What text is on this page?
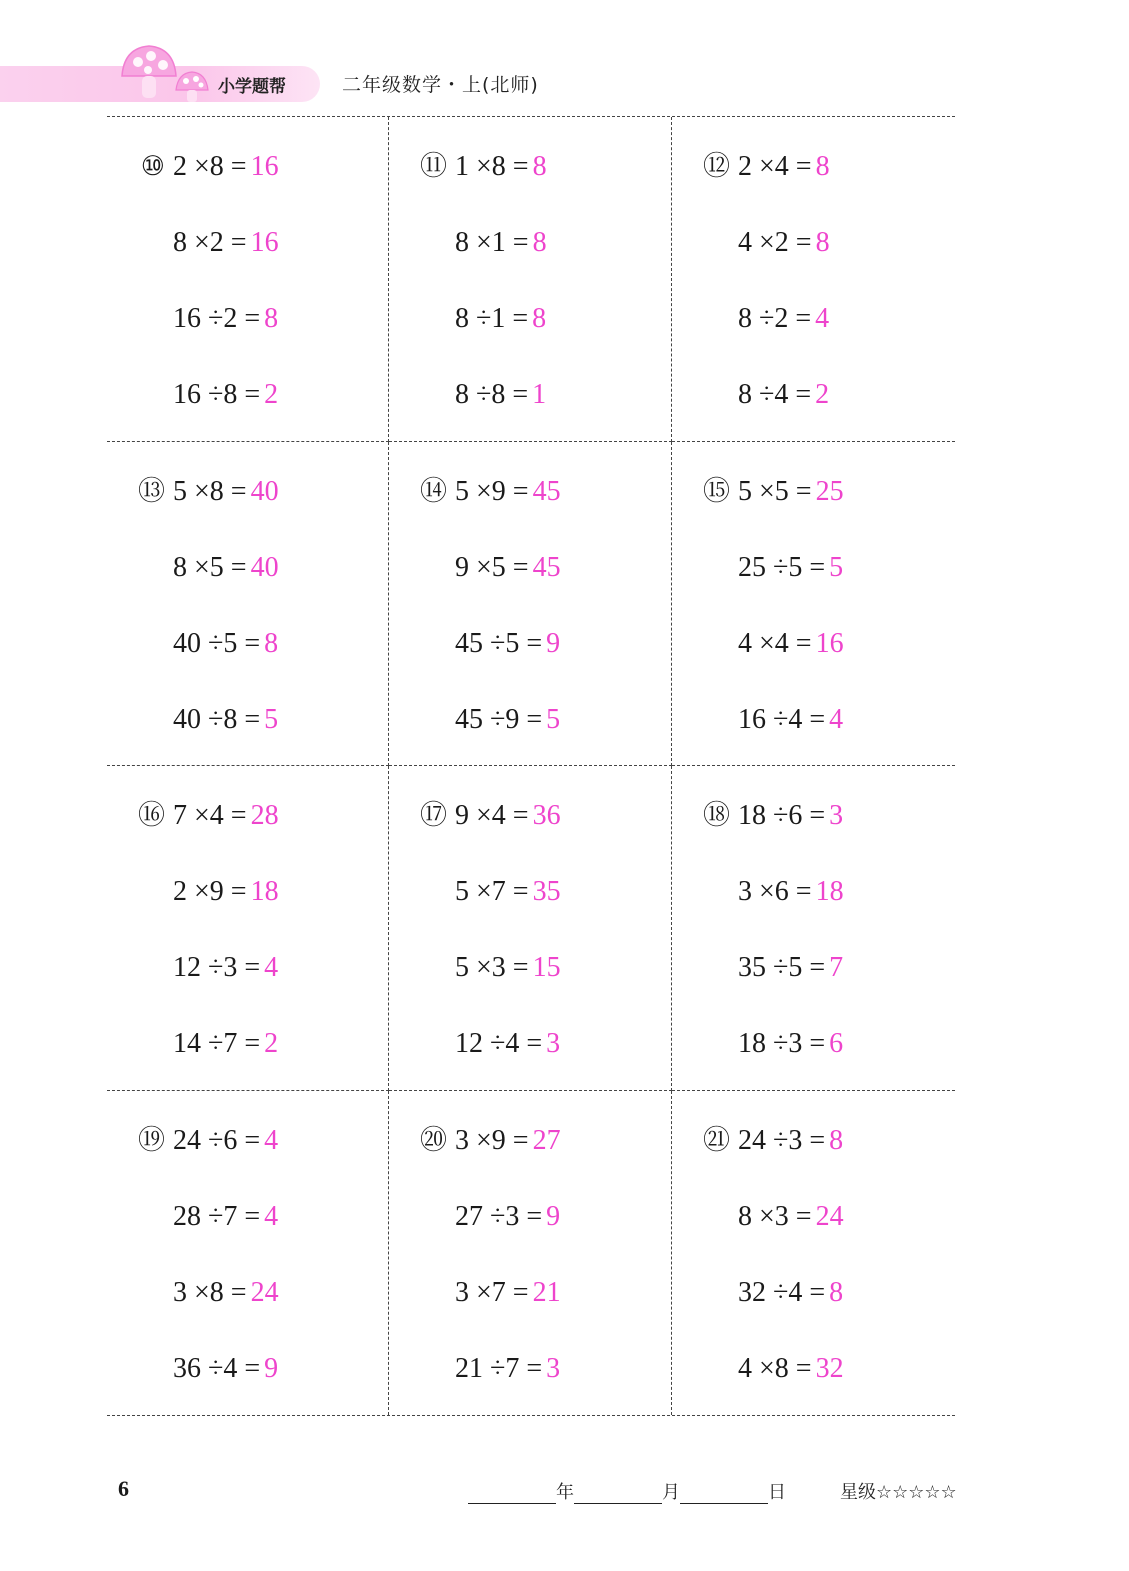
小学题帮	二年级数学・上(北师)
⑩ 2 ×8 = 16
8 ×2 = 16
16 ÷2 = 8
16 ÷8 = 2
⑪ 1 ×8 = 8
8 ×1 = 8
8 ÷1 = 8
8 ÷8 = 1
⑫ 2 ×4 = 8
4 ×2 = 8
8 ÷2 = 4
8 ÷4 = 2
⑬ 5 ×8 = 40
8 ×5 = 40
40 ÷5 = 8
40 ÷8 = 5
⑭ 5 ×9 = 45
9 ×5 = 45
45 ÷5 = 9
45 ÷9 = 5
⑮ 5 ×5 = 25
25 ÷5 = 5
4 ×4 = 16
16 ÷4 = 4
⑯ 7 ×4 = 28
2 ×9 = 18
12 ÷3 = 4
14 ÷7 = 2
⑰ 9 ×4 = 36
5 ×7 = 35
5 ×3 = 15
12 ÷4 = 3
⑱ 18 ÷6 = 3
3 ×6 = 18
35 ÷5 = 7
18 ÷3 = 6
⑲ 24 ÷6 = 4
28 ÷7 = 4
3 ×8 = 24
36 ÷4 = 9
⑳ 3 ×9 = 27
27 ÷3 = 9
3 ×7 = 21
21 ÷7 = 3
㉑ 24 ÷3 = 8
8 ×3 = 24
32 ÷4 = 8
4 ×8 = 32
6	年	月	日	星级☆☆☆☆☆
